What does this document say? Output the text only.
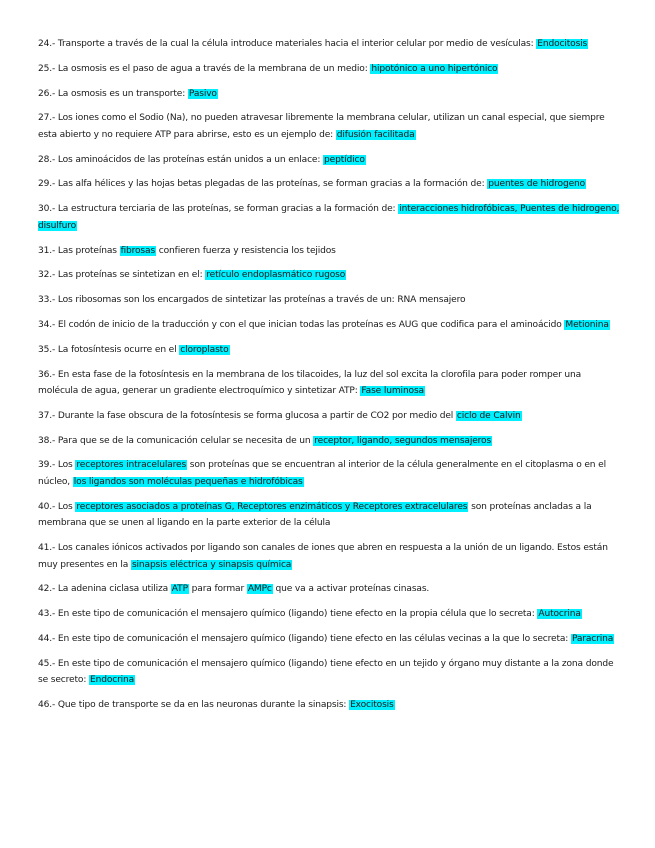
24.- Transporte a través de la cual la célula introduce materiales hacia el interior celular por medio de vesículas: Endocitosis
25.- La osmosis es el paso de agua a través de la membrana de un medio: hipotónico a uno hipertónico
26.- La osmosis es un transporte: Pasivo
27.- Los iones como el Sodio (Na), no pueden atravesar libremente la membrana celular, utilizan un canal especial, que siempre esta abierto y no requiere ATP para abrirse, esto es un ejemplo de: difusión facilitada
28.- Los aminoácidos de las proteínas están unidos a un enlace: peptídico
29.- Las alfa hélices y las hojas betas plegadas de las proteínas, se forman gracias a la formación de: puentes de hidrogeno
30.- La estructura terciaria de las proteínas, se forman gracias a la formación de: interacciones hidrofóbicas, Puentes de hidrogeno, disulfuro
31.- Las proteínas fibrosas confieren fuerza y resistencia los tejidos
32.- Las proteínas se sintetizan en el: retículo endoplasmático rugoso
33.- Los ribosomas son los encargados de sintetizar las proteínas a través de un: RNA mensajero
34.- El codón de inicio de la traducción y con el que inician todas las proteínas es AUG que codifica para el aminoácido Metionina
35.- La fotosíntesis ocurre en el cloroplasto
36.- En esta fase de la fotosíntesis en la membrana de los tilacoides, la luz del sol excita la clorofila para poder romper una molécula de agua, generar un gradiente electroquímico y sintetizar ATP: Fase luminosa
37.- Durante la fase obscura de la fotosíntesis se forma glucosa a partir de CO2 por medio del ciclo de Calvin
38.- Para que se de la comunicación celular se necesita de un receptor, ligando, segundos mensajeros
39.- Los receptores intracelulares son proteínas que se encuentran al interior de la célula generalmente en el citoplasma o en el núcleo, los ligandos son moléculas pequeñas e hidrofóbicas
40.- Los receptores asociados a proteínas G, Receptores enzimáticos y Receptores extracelulares son proteínas ancladas a la membrana que se unen al ligando en la parte exterior de la célula
41.- Los canales iónicos activados por ligando son canales de iones que abren en respuesta a la unión de un ligando. Estos están muy presentes en la sinapsis eléctrica y sinapsis química
42.- La adenina ciclasa utiliza ATP para formar AMPc que va a activar proteínas cinasas.
43.- En este tipo de comunicación el mensajero químico (ligando) tiene efecto en la propia célula que lo secreta: Autocrina
44.- En este tipo de comunicación el mensajero químico (ligando) tiene efecto en las células vecinas a la que lo secreta: Paracrina
45.- En este tipo de comunicación el mensajero químico (ligando) tiene efecto en un tejido y órgano muy distante a la zona donde se secreto: Endocrina
46.- Que tipo de transporte se da en las neuronas durante la sinapsis: Exocitosis
